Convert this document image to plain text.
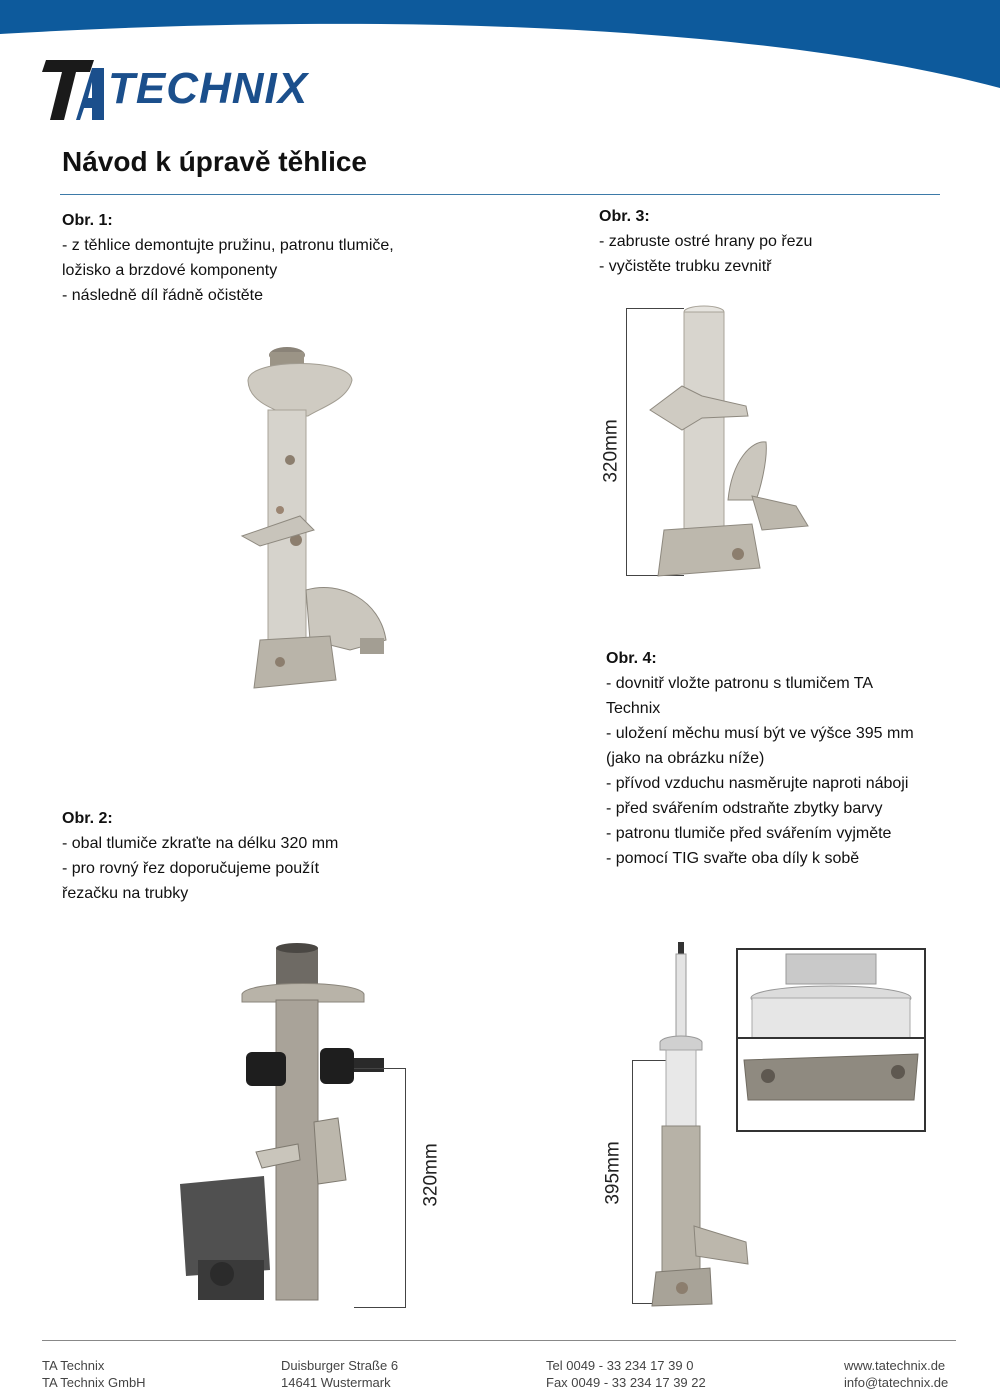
TECHNIX
Návod k úpravě těhlice
Obr. 1:
- z těhlice demontujte pružinu, patronu tlumiče,
ložisko a brzdové komponenty
- následně díl řádně očistěte
Obr. 3:
- zabruste ostré hrany po řezu
- vyčistěte trubku zevnitř
320mm
Obr. 4:
- dovnitř vložte patronu s tlumičem TA
Technix
- uložení měchu musí být ve výšce 395 mm
(jako na obrázku níže)
- přívod vzduchu nasměrujte naproti náboji
- před svářením odstraňte zbytky barvy
- patronu tlumiče před svářením vyjměte
- pomocí TIG svařte oba díly k sobě
Obr. 2:
- obal tlumiče zkraťte na délku 320 mm
- pro rovný řez doporučujeme použít
řezačku na trubky
320mm	395mm
TA Technix
TA Technix GmbH
Duisburger Straße 6
14641 Wustermark
Tel 0049 - 33 234 17 39 0
Fax 0049 - 33 234 17 39 22
www.tatechnix.de
info@tatechnix.de
